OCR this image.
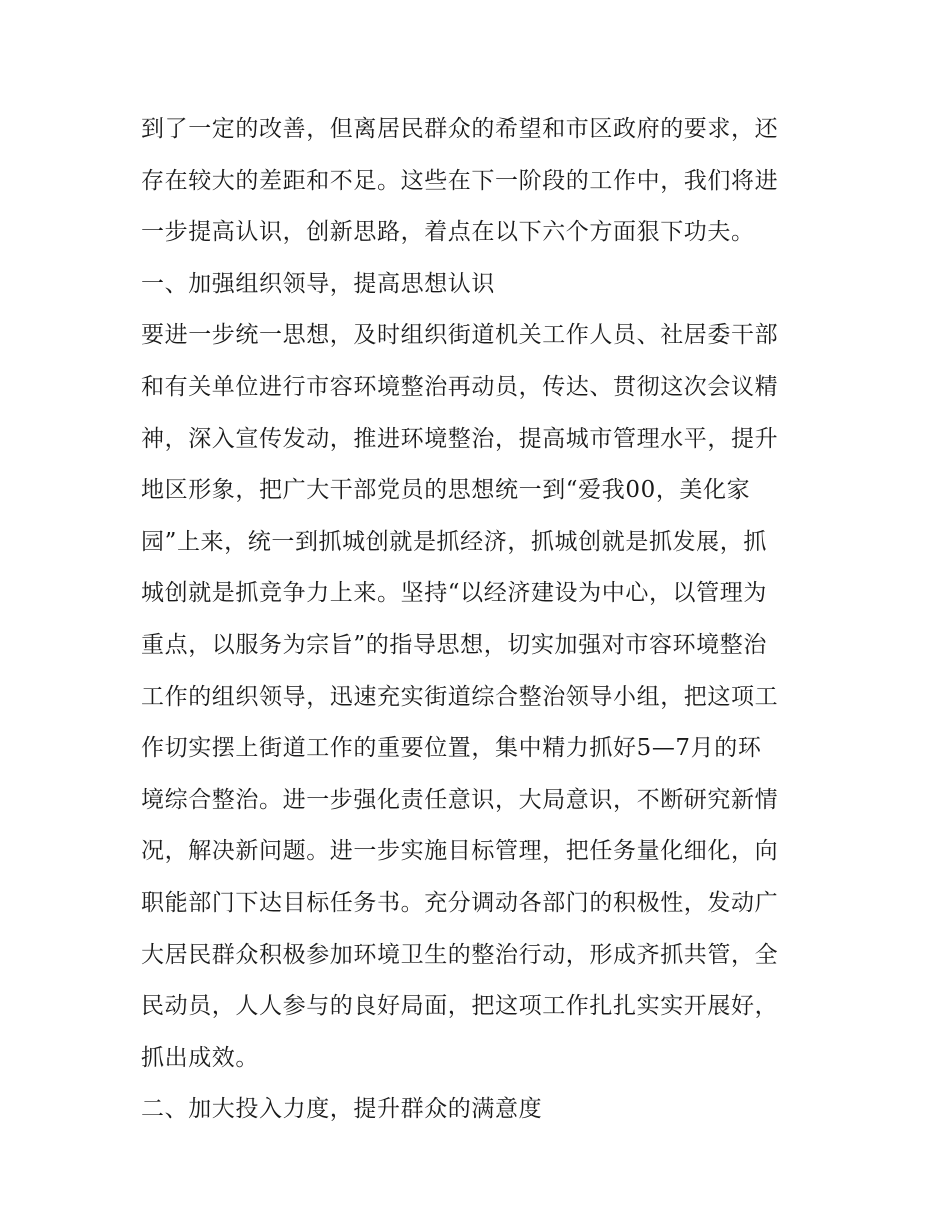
到了一定的改善，但离居民群众的希望和市区政府的要求，还
存在较大的差距和不足。这些在下一阶段的工作中，我们将进
一步提高认识，创新思路，着点在以下六个方面狠下功夫。
一、加强组织领导，提高思想认识
要进一步统一思想，及时组织街道机关工作人员、社居委干部
和有关单位进行市容环境整治再动员，传达、贯彻这次会议精
神，深入宣传发动，推进环境整治，提高城市管理水平，提升
地区形象，把广大干部党员的思想统一到“爱我00，美化家
园”上来，统一到抓城创就是抓经济，抓城创就是抓发展，抓
城创就是抓竞争力上来。坚持“以经济建设为中心，以管理为
重点，以服务为宗旨”的指导思想，切实加强对市容环境整治
工作的组织领导，迅速充实街道综合整治领导小组，把这项工
作切实摆上街道工作的重要位置，集中精力抓好5—7月的环
境综合整治。进一步强化责任意识，大局意识，不断研究新情
况，解决新问题。进一步实施目标管理，把任务量化细化，向
职能部门下达目标任务书。充分调动各部门的积极性，发动广
大居民群众积极参加环境卫生的整治行动，形成齐抓共管，全
民动员，人人参与的良好局面，把这项工作扎扎实实开展好，
抓出成效。
二、加大投入力度，提升群众的满意度
